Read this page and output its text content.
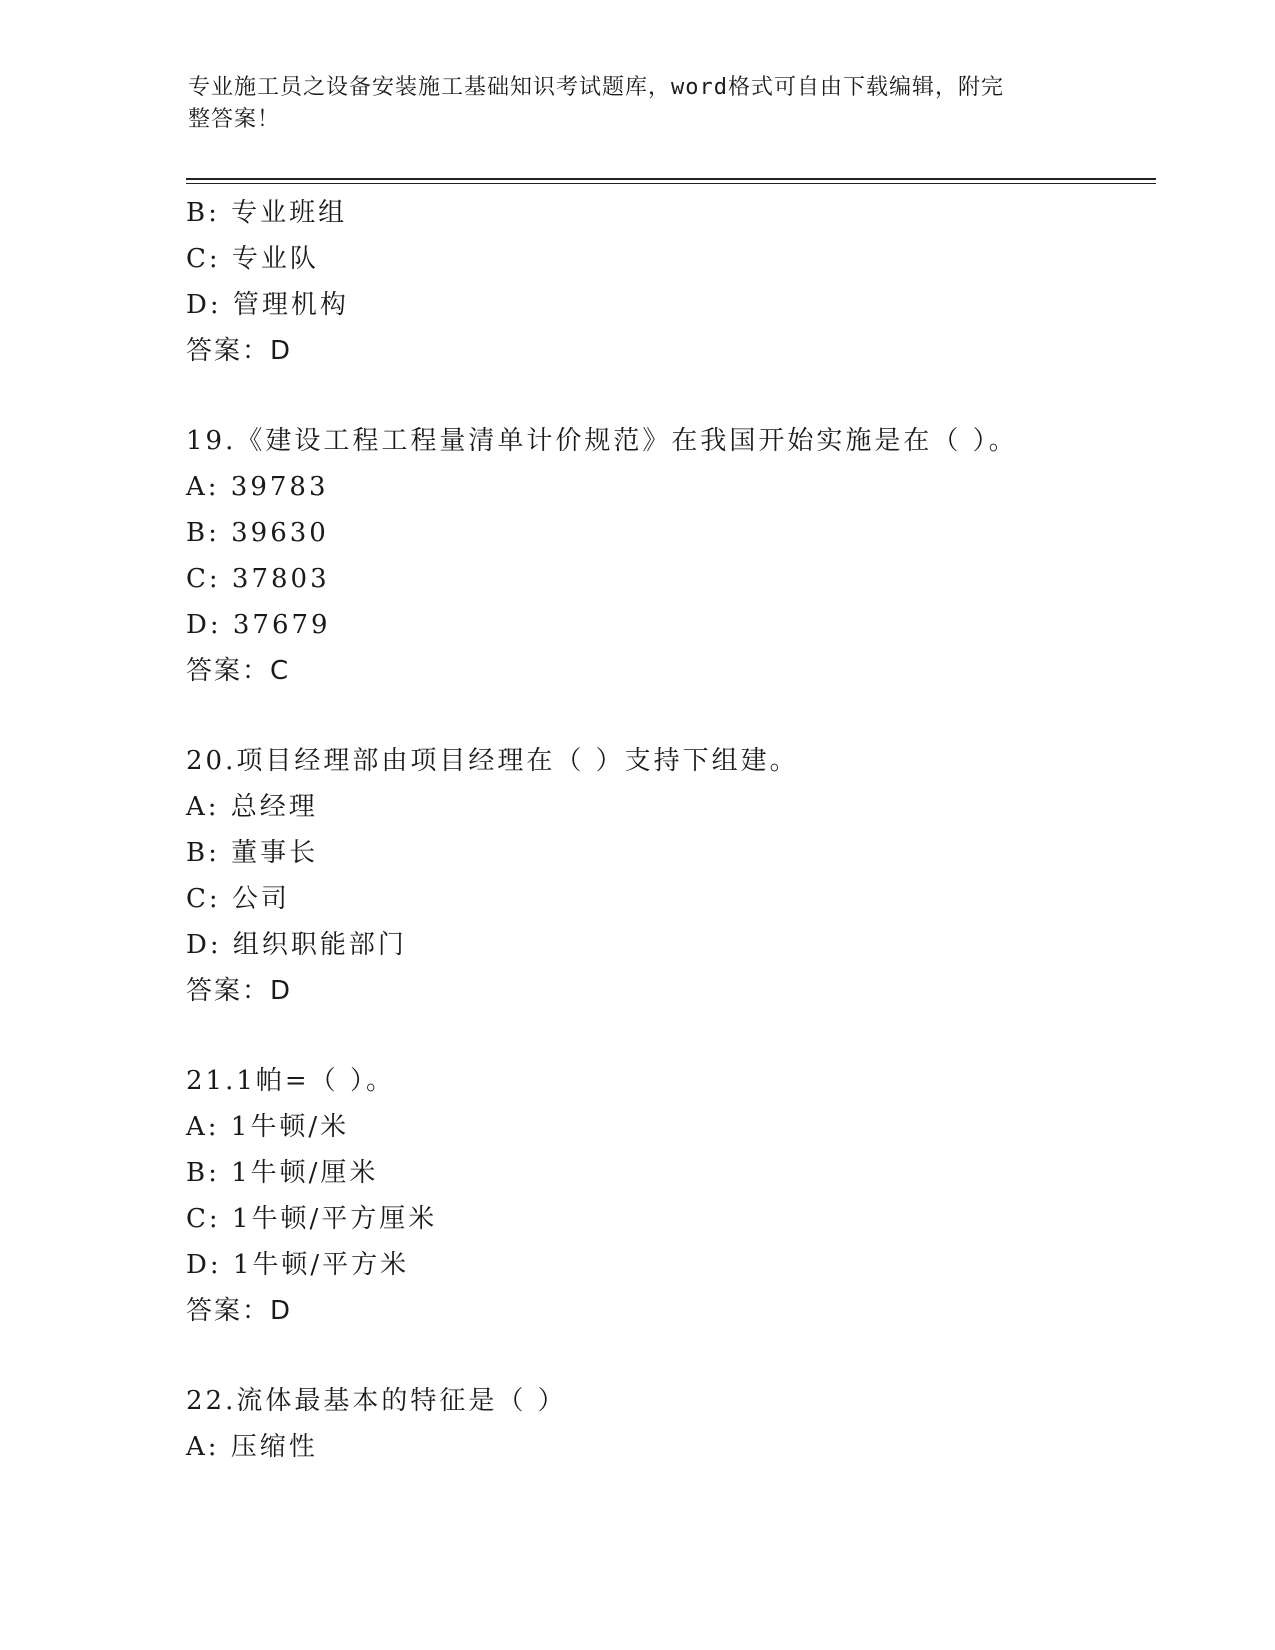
专业施工员之设备安装施工基础知识考试题库，word格式可自由下载编辑，附完
整答案！
B: 专业班组
C: 专业队
D: 管理机构
答案：D
19.《建设工程工程量清单计价规范》在我国开始实施是在（ ）。
A: 39783
B: 39630
C: 37803
D: 37679
答案：C
20.项目经理部由项目经理在（ ）支持下组建。
A: 总经理
B: 董事长
C: 公司
D: 组织职能部门
答案：D
21.1帕=（ ）。
A: 1牛顿/米
B: 1牛顿/厘米
C: 1牛顿/平方厘米
D: 1牛顿/平方米
答案：D
22.流体最基本的特征是（ ）
A: 压缩性
